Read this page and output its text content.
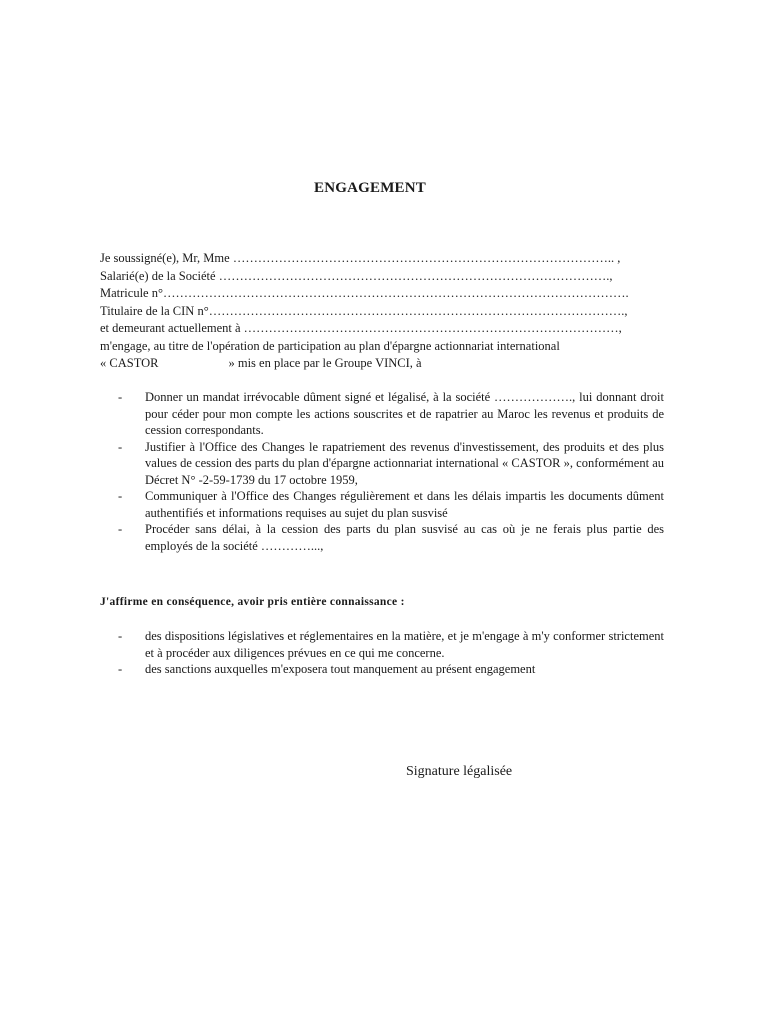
ENGAGEMENT
Je soussigné(e), Mr, Mme ……………………………………………………………………………….. ,
Salarié(e) de la Société ………………………………………………………………………………….,
Matricule n°………………………………………………………………………………………………….
Titulaire de la CIN n°……………………………………………………………………………………….,
et demeurant actuellement à ………………………………………………………………………………,
m'engage, au titre de l'opération de participation au plan d'épargne actionnariat international
« CASTOR	» mis en place par le Groupe VINCI, à
- Donner un mandat irrévocable dûment signé et légalisé, à la société ………………., lui donnant droit pour céder pour mon compte les actions souscrites et de rapatrier au Maroc les revenus et produits de cession correspondants.
- Justifier à l'Office des Changes le rapatriement des revenus d'investissement, des produits et des plus values de cession des parts du plan d'épargne actionnariat international « CASTOR », conformément au Décret N° -2-59-1739 du 17 octobre 1959,
- Communiquer à l'Office des Changes régulièrement et dans les délais impartis les documents dûment authentifiés et informations requises au sujet du plan susvisé
- Procéder sans délai, à la cession des parts du plan susvisé au cas où je ne ferais plus partie des employés de la société …………...,
J'affirme en conséquence, avoir pris entière connaissance :
- des dispositions législatives et réglementaires en la matière, et je m'engage à m'y conformer strictement et à procéder aux diligences prévues en ce qui me concerne.
- des sanctions auxquelles m'exposera tout manquement au présent engagement
Signature légalisée
